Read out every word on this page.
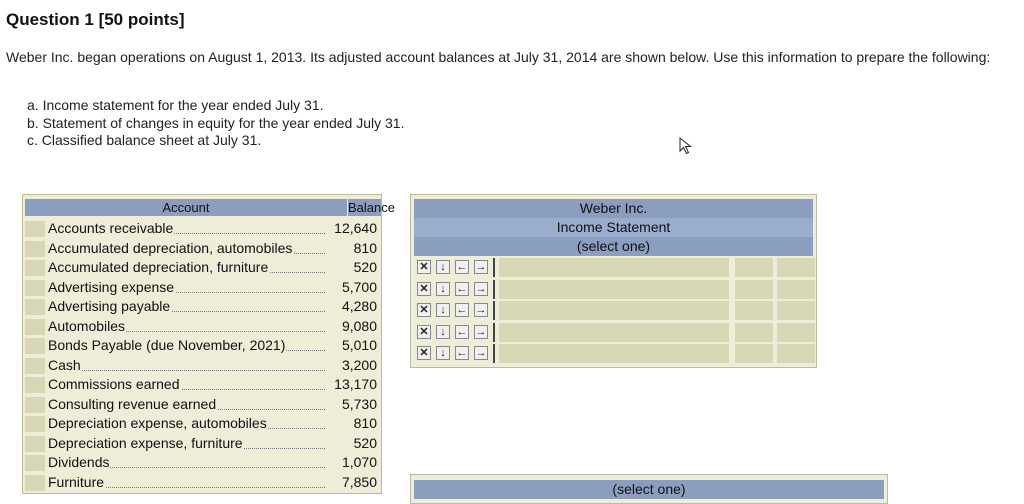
Question 1 [50 points]
Weber Inc. began operations on August 1, 2013. Its adjusted account balances at July 31, 2014 are shown below. Use this information to prepare the following:
a. Income statement for the year ended July 31.
b. Statement of changes in equity for the year ended July 31.
c. Classified balance sheet at July 31.
Account	Balance
Accounts receivable	12,640
Accumulated depreciation, automobiles	810
Accumulated depreciation, furniture	520
Advertising expense	5,700
Advertising payable	4,280
Automobiles	9,080
Bonds Payable (due November, 2021)	5,010
Cash	3,200
Commissions earned	13,170
Consulting revenue earned	5,730
Depreciation expense, automobiles	810
Depreciation expense, furniture	520
Dividends	1,070
Furniture	7,850
Weber Inc.
Income Statement
(select one)
✕	↓ ← →
✕	↓ ← →
✕	↓ ← →
✕	↓ ← →
✕	↓ ← →
(select one)
